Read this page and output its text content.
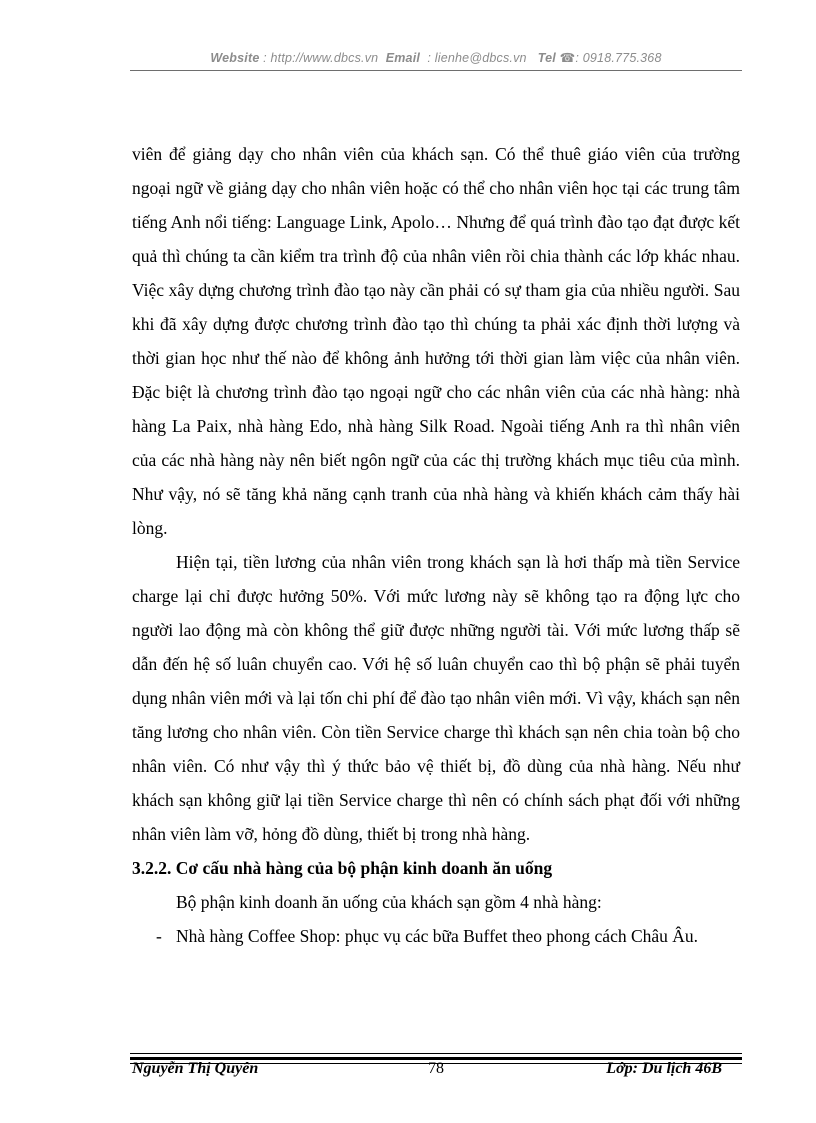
Website : http://www.dbcs.vn Email : lienhe@dbcs.vn Tel ☎: 0918.775.368

viên để giảng dạy cho nhân viên của khách sạn. Có thể thuê giáo viên của trường ngoại ngữ về giảng dạy cho nhân viên hoặc có thể cho nhân viên học tại các trung tâm tiếng Anh nổi tiếng: Language Link, Apolo… Nhưng để quá trình đào tạo đạt được kết quả thì chúng ta cần kiểm tra trình độ của nhân viên rồi chia thành các lớp khác nhau. Việc xây dựng chương trình đào tạo này cần phải có sự tham gia của nhiều người. Sau khi đã xây dựng được chương trình đào tạo thì chúng ta phải xác định thời lượng và thời gian học như thế nào để không ảnh hưởng tới thời gian làm việc của nhân viên. Đặc biệt là chương trình đào tạo ngoại ngữ cho các nhân viên của các nhà hàng: nhà hàng La Paix, nhà hàng Edo, nhà hàng Silk Road. Ngoài tiếng Anh ra thì nhân viên của các nhà hàng này nên biết ngôn ngữ của các thị trường khách mục tiêu của mình. Như vậy, nó sẽ tăng khả năng cạnh tranh của nhà hàng và khiến khách cảm thấy hài lòng.

Hiện tại, tiền lương của nhân viên trong khách sạn là hơi thấp mà tiền Service charge lại chỉ được hưởng 50%. Với mức lương này sẽ không tạo ra động lực cho người lao động mà còn không thể giữ được những người tài. Với mức lương thấp sẽ dẫn đến hệ số luân chuyển cao. Với hệ số luân chuyển cao thì bộ phận sẽ phải tuyển dụng nhân viên mới và lại tốn chi phí để đào tạo nhân viên mới. Vì vậy, khách sạn nên tăng lương cho nhân viên. Còn tiền Service charge thì khách sạn nên chia toàn bộ cho nhân viên. Có như vậy thì ý thức bảo vệ thiết bị, đồ dùng của nhà hàng. Nếu như khách sạn không giữ lại tiền Service charge thì nên có chính sách phạt đối với những nhân viên làm vỡ, hỏng đồ dùng, thiết bị trong nhà hàng.

3.2.2. Cơ cấu nhà hàng của bộ phận kinh doanh ăn uống

Bộ phận kinh doanh ăn uống của khách sạn gồm 4 nhà hàng:

- Nhà hàng Coffee Shop: phục vụ các bữa Buffet theo phong cách Châu Âu.

Nguyễn Thị Quyên	78	Lớp: Du lịch 46B
